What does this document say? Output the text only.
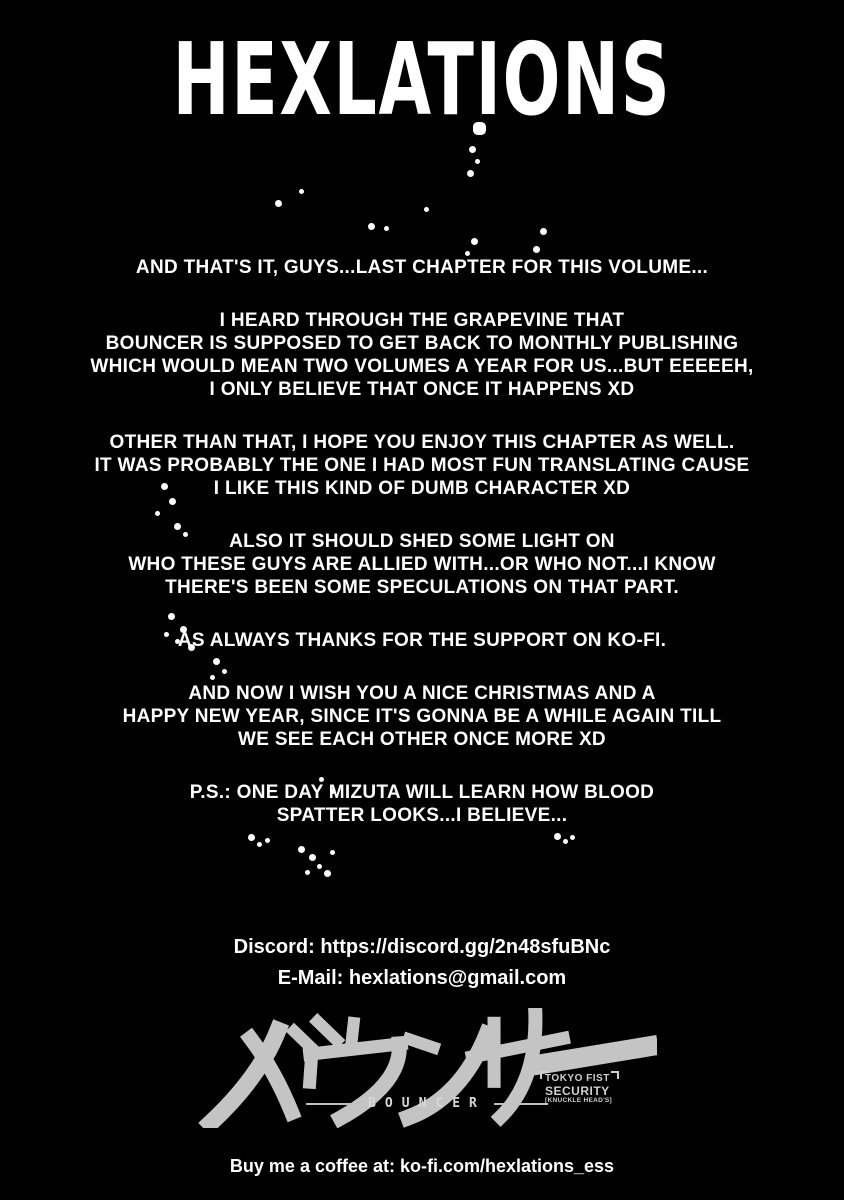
HEXLATIONS
AND THAT'S IT, GUYS...LAST CHAPTER FOR THIS VOLUME...
I HEARD THROUGH THE GRAPEVINE THAT
BOUNCER IS SUPPOSED TO GET BACK TO MONTHLY PUBLISHING
WHICH WOULD MEAN TWO VOLUMES A YEAR FOR US...BUT EEEEEH,
I ONLY BELIEVE THAT ONCE IT HAPPENS XD
OTHER THAN THAT, I HOPE YOU ENJOY THIS CHAPTER AS WELL.
IT WAS PROBABLY THE ONE I HAD MOST FUN TRANSLATING CAUSE
I LIKE THIS KIND OF DUMB CHARACTER XD
ALSO IT SHOULD SHED SOME LIGHT ON
WHO THESE GUYS ARE ALLIED WITH...OR WHO NOT...I KNOW
THERE'S BEEN SOME SPECULATIONS ON THAT PART.
AS ALWAYS THANKS FOR THE SUPPORT ON KO-FI.
AND NOW I WISH YOU A NICE CHRISTMAS AND A
HAPPY NEW YEAR, SINCE IT'S GONNA BE A WHILE AGAIN TILL
WE SEE EACH OTHER ONCE MORE XD
P.S.: ONE DAY MIZUTA WILL LEARN HOW BLOOD
SPATTER LOOKS...I BELIEVE...
Discord: https://discord.gg/2n48sfuBNc
E-Mail: hexlations@gmail.com
BOUNCER
TOKYO FIST
SECURITY
[KNUCKLE HEAD'S]
Buy me a coffee at: ko-fi.com/hexlations_ess
